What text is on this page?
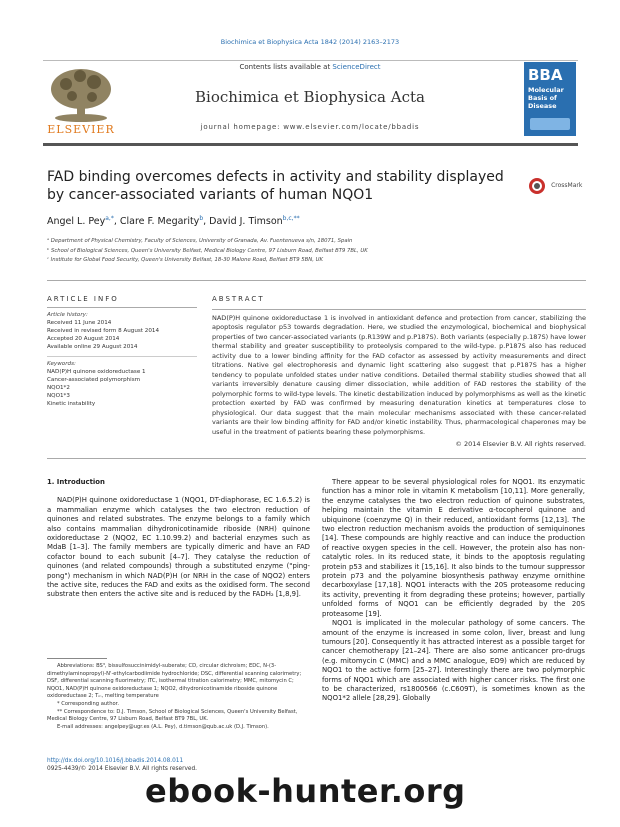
Biochimica et Biophysica Acta 1842 (2014) 2163–2173
ELSEVIER
Contents lists available at ScienceDirect
Biochimica et Biophysica Acta
journal homepage: www.elsevier.com/locate/bbadis
BBA
Molecular
Basis of
Disease
FAD binding overcomes defects in activity and stability displayed by cancer-associated variants of human NQO1
CrossMark
Angel L. Pey$^{a,*}$, Clare F. Megarity$^b$, David J. Timson$^{b,c,**}$
ᵃ Department of Physical Chemistry, Faculty of Sciences, University of Granada, Av. Fuentenueva s/n, 18071, Spain
ᵇ School of Biological Sciences, Queen's University Belfast, Medical Biology Centre, 97 Lisburn Road, Belfast BT9 7BL, UK
ᶜ Institute for Global Food Security, Queen's University Belfast, 18-30 Malone Road, Belfast BT9 5BN, UK
ARTICLE INFO
Article history:
Received 11 June 2014
Received in revised form 8 August 2014
Accepted 20 August 2014
Available online 29 August 2014
Keywords:
NAD(P)H quinone oxidoreductase 1
Cancer-associated polymorphism
NQO1*2
NQO1*3
Kinetic instability
ABSTRACT

NAD(P)H quinone oxidoreductase 1 is involved in antioxidant defence and protection from cancer, stabilizing the apoptosis regulator p53 towards degradation. Here, we studied the enzymological, biochemical and biophysical properties of two cancer-associated variants (p.R139W and p.P187S). Both variants (especially p.187S) have lower thermal stability and greater susceptibility to proteolysis compared to the wild-type. p.P187S also has reduced activity due to a lower binding affinity for the FAD cofactor as assessed by activity measurements and direct titrations. Native gel electrophoresis and dynamic light scattering also suggest that p.P187S has a higher tendency to populate unfolded states under native conditions. Detailed thermal stability studies showed that all variants irreversibly denature causing dimer dissociation, while addition of FAD restores the stability of the polymorphic forms to wild-type levels. The kinetic destabilization induced by polymorphisms as well as the kinetic protection exerted by FAD was confirmed by measuring denaturation kinetics at temperatures close to physiological. Our data suggest that the main molecular mechanisms associated with these cancer-related variants are their low binding affinity for FAD and/or kinetic instability. Thus, pharmacological chaperones may be useful in the treatment of patients bearing these polymorphisms.

© 2014 Elsevier B.V. All rights reserved.
1. Introduction

NAD(P)H quinone oxidoreductase 1 (NQO1, DT-diaphorase, EC 1.6.5.2) is a mammalian enzyme which catalyses the two electron reduction of quinones and related substrates. The enzyme belongs to a family which also contains mammalian dihydronicotinamide riboside (NRH) quinone oxidoreductase 2 (NQO2, EC 1.10.99.2) and bacterial enzymes such as MdaB [1–3]. The family members are typically dimeric and have an FAD cofactor bound to each subunit [4–7]. They catalyse the reduction of quinones (and related compounds) through a substituted enzyme ("ping-pong") mechanism in which NAD(P)H (or NRH in the case of NQO2) enters the active site, reduces the FAD and exits as the oxidised form. The second substrate then enters the active site and is reduced by the FADH₂ [1,8,9].

There appear to be several physiological roles for NQO1. Its enzymatic function has a minor role in vitamin K metabolism [10,11]. More generally, the enzyme catalyses the two electron reduction of quinone substrates, helping maintain the vitamin E derivative α-tocopherol quinone and ubiquinone (coenzyme Q) in their reduced, antioxidant forms [12,13]. The two electron reduction mechanism avoids the production of semiquinones [14]. These compounds are highly reactive and can induce the production of reactive oxygen species in the cell. However, the protein also has non-catalytic roles. In its reduced state, it binds to the apoptosis regulating protein p53 and stabilizes it [15,16]. It also binds to the tumour suppressor protein p73 and the polyamine biosynthesis pathway enzyme ornithine decarboxylase [17,18]. NQO1 interacts with the 20S proteasome reducing its activity, preventing it from degrading these proteins; however, partially unfolded forms of NQO1 can be efficiently degraded by the 20S proteasome [19].

NQO1 is implicated in the molecular pathology of some cancers. The amount of the enzyme is increased in some colon, liver, breast and lung tumours [20]. Consequently it has attracted interest as a possible target for cancer chemotherapy [21–24]. There are also some anticancer pro-drugs (e.g. mitomycin C (MMC) and a MMC analogue, EO9) which are reduced by NQO1 to the active form [25–27]. Interestingly there are two polymorphic forms of NQO1 which are associated with higher cancer risks. The first one to be characterized, rs1800566 (c.C609T), is sometimes known as the NQO1*2 allele [28,29]. Globally

Abbreviations: BS³, bissulfosuccinimidyl-suberate; CD, circular dichroism; EDC, N-(3-dimethylaminopropyl)-N'-ethylcarbodiimide hydrochloride; DSC, differential scanning calorimetry; DSF, differential scanning fluorimetry; ITC, isothermal titration calorimetry; MMC, mitomycin C; NQO1, NAD(P)H quinone oxidoreductase 1; NQO2, dihydronicotinamide riboside quinone oxidoreductase 2; Tₘ, melting temperature
* Corresponding author.
** Correspondence to: D.J. Timson, School of Biological Sciences, Queen's University Belfast, Medical Biology Centre, 97 Lisburn Road, Belfast BT9 7BL, UK.
E-mail addresses: angelpey@ugr.es (A.L. Pey), d.timson@qub.ac.uk (D.J. Timson).
http://dx.doi.org/10.1016/j.bbadis.2014.08.011
0925-4439/© 2014 Elsevier B.V. All rights reserved.
ebook-hunter.org
